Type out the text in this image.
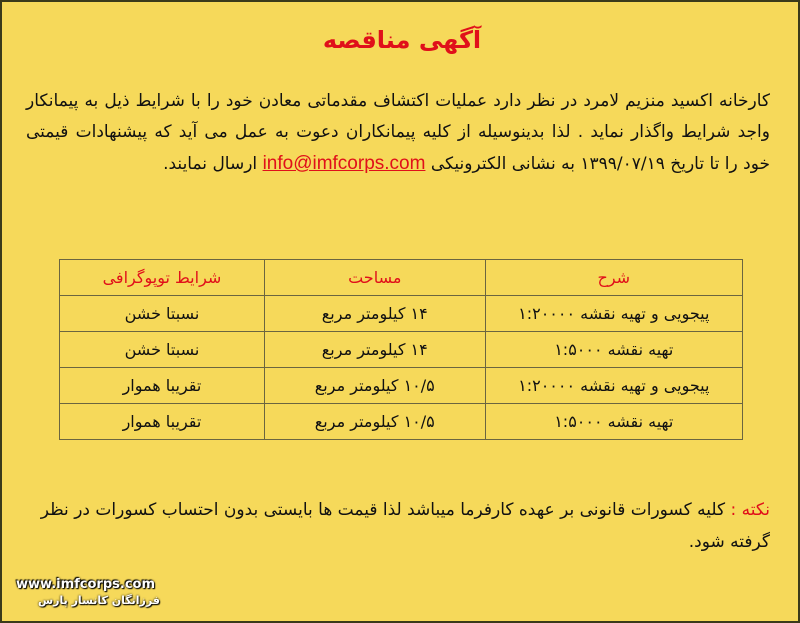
آگهی مناقصه
کارخانه اکسید منزیم لامرد در نظر دارد عملیات اکتشاف مقدماتی معادن خود را با شرایط ذیل به پیمانکار واجد شرایط واگذار نماید . لذا بدینوسیله از کلیه پیمانکاران دعوت به عمل می آید که پیشنهادات قیمتی خود را تا تاریخ ۱۳۹۹/۰۷/۱۹ به نشانی الکترونیکی info@imfcorps.com ارسال نمایند.
شرح	مساحت	شرایط توپوگرافی
پیجویی و تهیه نقشه ۱:۲۰۰۰۰	۱۴ کیلومتر مربع	نسبتا خشن
تهیه نقشه ۱:۵۰۰۰	۱۴ کیلومتر مربع	نسبتا خشن
پیجویی و تهیه نقشه ۱:۲۰۰۰۰	۱۰/۵ کیلومتر مربع	تقریبا هموار
تهیه نقشه ۱:۵۰۰۰	۱۰/۵ کیلومتر مربع	تقریبا هموار
نکته : کلیه کسورات قانونی بر عهده کارفرما میباشد لذا قیمت ها بایستی بدون احتساب کسورات در نظر گرفته شود.
www.imfcorps.com
فرزانگان کانسار پارس
